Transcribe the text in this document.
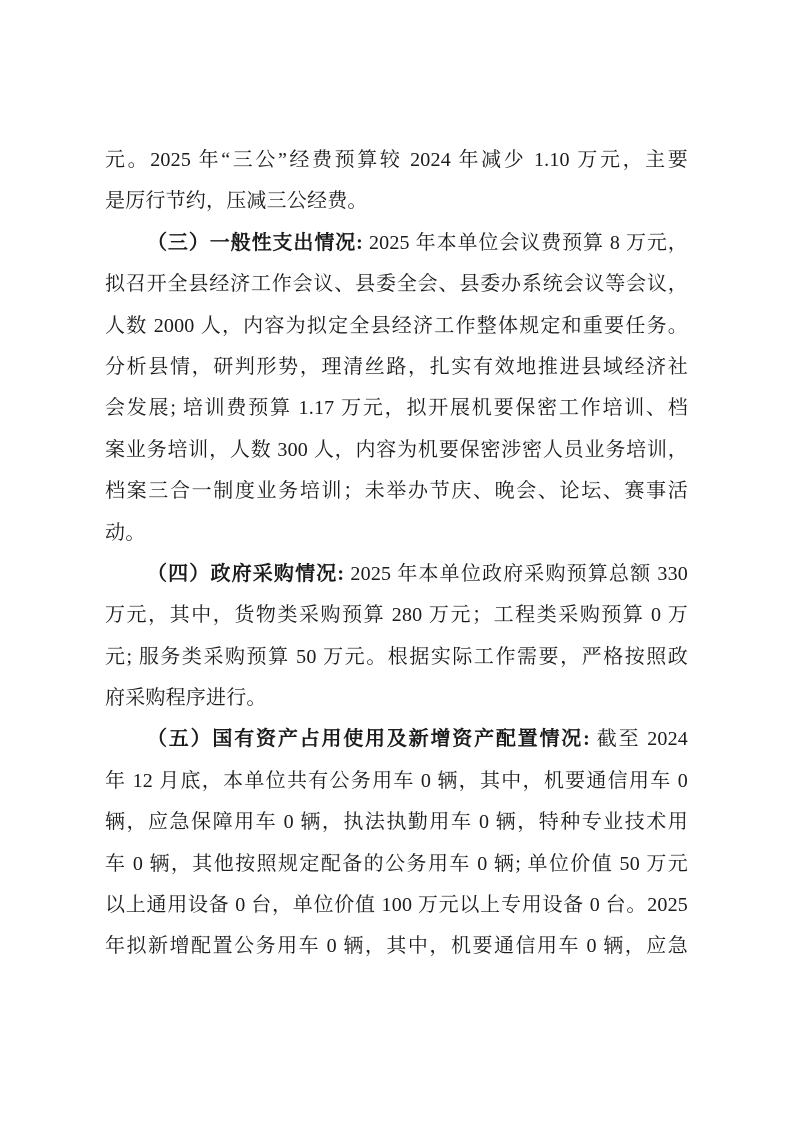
元。2025 年“三公”经费预算较 2024 年减少 1.10 万元，主要
是厉行节约，压减三公经费。
（三）一般性支出情况: 2025 年本单位会议费预算 8 万元，
拟召开全县经济工作会议、县委全会、县委办系统会议等会议，
人数 2000 人，内容为拟定全县经济工作整体规定和重要任务。
分析县情，研判形势，理清丝路，扎实有效地推进县域经济社
会发展; 培训费预算 1.17 万元，拟开展机要保密工作培训、档
案业务培训，人数 300 人，内容为机要保密涉密人员业务培训，
档案三合一制度业务培训；未举办节庆、晚会、论坛、赛事活
动。
（四）政府采购情况: 2025 年本单位政府采购预算总额 330
万元，其中，货物类采购预算 280 万元；工程类采购预算 0 万
元; 服务类采购预算 50 万元。根据实际工作需要，严格按照政
府采购程序进行。
（五）国有资产占用使用及新增资产配置情况: 截至 2024
年 12 月底，本单位共有公务用车 0 辆，其中，机要通信用车 0
辆，应急保障用车 0 辆，执法执勤用车 0 辆，特种专业技术用
车 0 辆，其他按照规定配备的公务用车 0 辆; 单位价值 50 万元
以上通用设备 0 台，单位价值 100 万元以上专用设备 0 台。2025
年拟新增配置公务用车 0 辆，其中，机要通信用车 0 辆，应急
